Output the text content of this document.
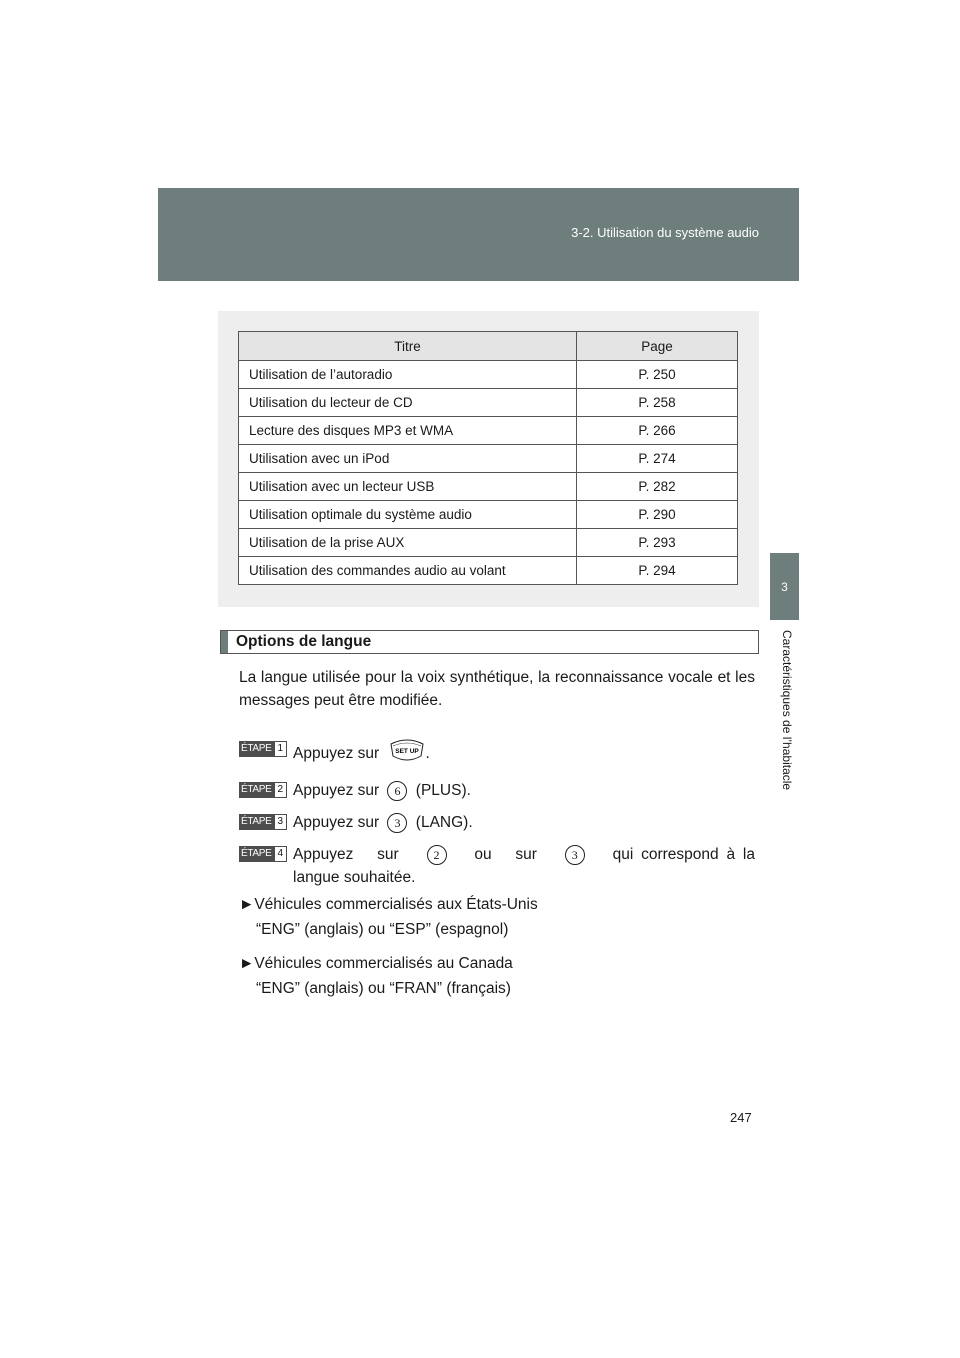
3-2. Utilisation du système audio
3
Caractéristiques de l’habitacle
Titre	Page
Utilisation de l’autoradio	P. 250
Utilisation du lecteur de CD	P. 258
Lecture des disques MP3 et WMA	P. 266
Utilisation avec un iPod	P. 274
Utilisation avec un lecteur USB	P. 282
Utilisation optimale du système audio	P. 290
Utilisation de la prise AUX	P. 293
Utilisation des commandes audio au volant	P. 294
Options de langue

La langue utilisée pour la voix synthétique, la reconnaissance vocale et les messages peut être modifiée.

ÉTAPE 1 Appuyez sur	SET UP .

ÉTAPE 2 Appuyez sur 6 (PLUS).

ÉTAPE 3 Appuyez sur 3 (LANG).

ÉTAPE 4 Appuyez sur	2 ou sur	3 qui correspond à la langue souhaitée.

►Véhicules commercialisés aux États-Unis

“ENG” (anglais) ou “ESP” (espagnol)

►Véhicules commercialisés au Canada

“ENG” (anglais) ou “FRAN” (français)

247
